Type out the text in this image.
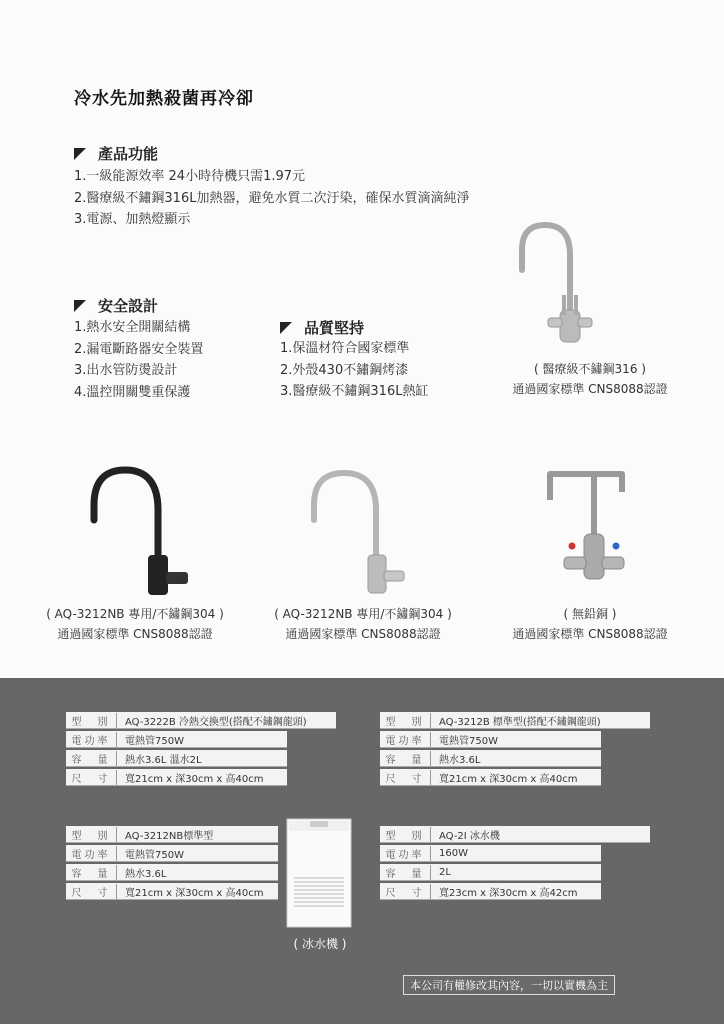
冷水先加熱殺菌再冷卻
產品功能
1.一級能源效率 24小時待機只需1.97元
2.醫療級不鏽鋼316L加熱器，避免水質二次汙染，確保水質滴滴純淨
3.電源、加熱燈顯示
安全設計
1.熱水安全開關結構
2.漏電斷路器安全裝置
3.出水管防燙設計
4.溫控開關雙重保護
品質堅持
1.保溫材符合國家標準
2.外殼430不鏽鋼烤漆
3.醫療級不鏽鋼316L熱缸
( 醫療級不鏽鋼316 )
通過國家標準 CNS8088認證
( AQ-3212NB 專用/不鏽鋼304 )
通過國家標準 CNS8088認證
( AQ-3212NB 專用/不鏽鋼304 )
通過國家標準 CNS8088認證
( 無鉛銅 )
通過國家標準 CNS8088認證
型　別	AQ-3222B 冷熱交換型(搭配不鏽鋼龍頭)
電功率	電熱管750W
容　量	熱水3.6L 溫水2L
尺　寸	寬21cm x 深30cm x 高40cm
型　別	AQ-3212B 標準型(搭配不鏽鋼龍頭)
電功率	電熱管750W
容　量	熱水3.6L
尺　寸	寬21cm x 深30cm x 高40cm
型　別	AQ-3212NB標準型
電功率	電熱管750W
容　量	熱水3.6L
尺　寸	寬21cm x 深30cm x 高40cm
( 冰水機 )
型　別	AQ-2I 冰水機
電功率	160W
容　量	2L
尺　寸	寬23cm x 深30cm x 高42cm
本公司有權修改其內容，一切以實機為主
